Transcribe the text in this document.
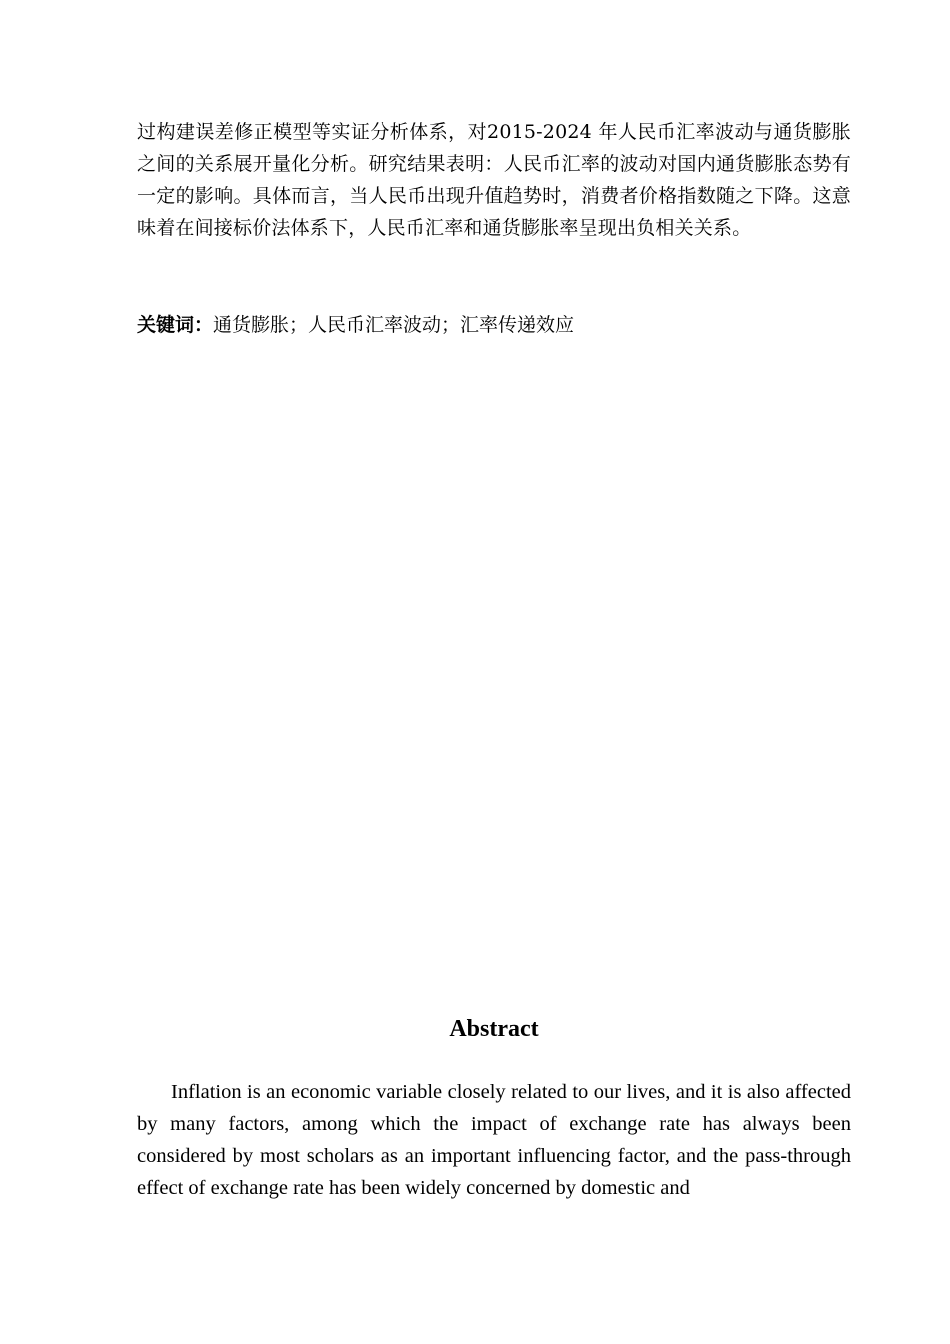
过构建误差修正模型等实证分析体系，对2015-2024 年人民币汇率波动与通货膨胀之间的关系展开量化分析。研究结果表明：人民币汇率的波动对国内通货膨胀态势有一定的影响。具体而言，当人民币出现升值趋势时，消费者价格指数随之下降。这意味着在间接标价法体系下，人民币汇率和通货膨胀率呈现出负相关关系。

关键词：通货膨胀；人民币汇率波动；汇率传递效应

Abstract

Inflation is an economic variable closely related to our lives, and it is also affected by many factors, among which the impact of exchange rate has always been considered by most scholars as an important influencing factor, and the pass-through effect of exchange rate has been widely concerned by domestic and
